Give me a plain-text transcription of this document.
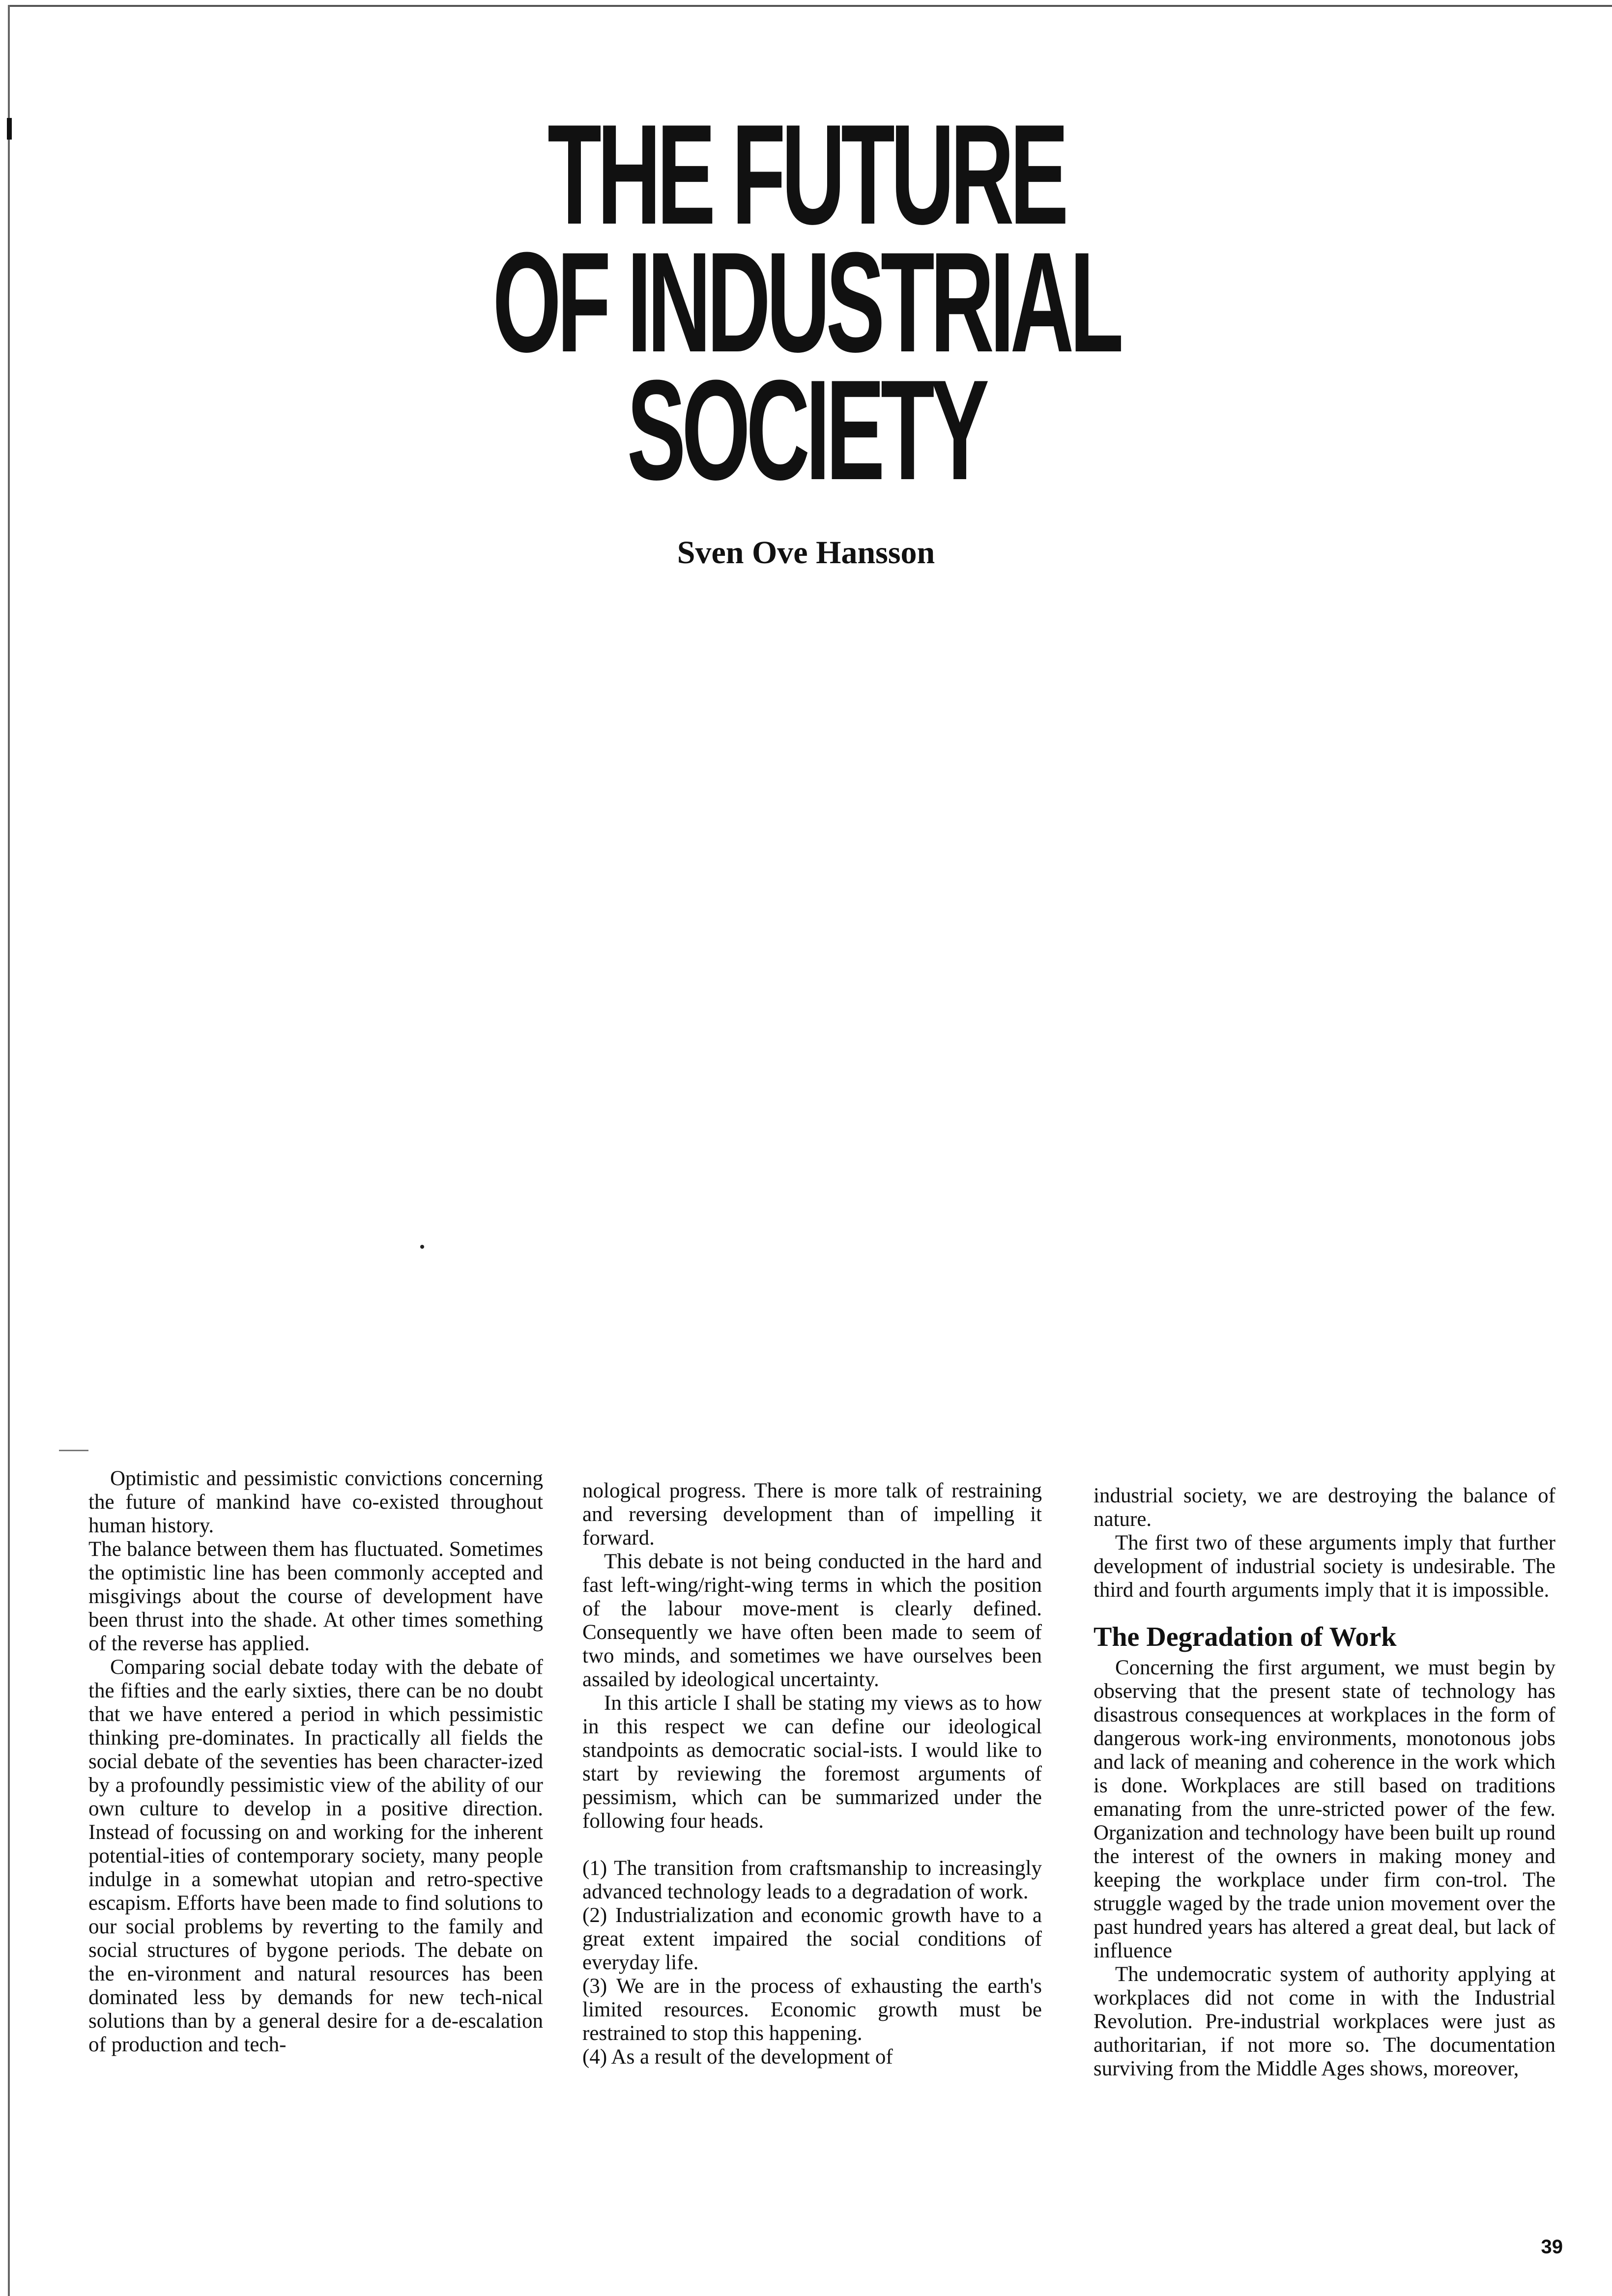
THE FUTURE
OF INDUSTRIAL
SOCIETY
Sven Ove Hansson

Optimistic and pessimistic convictions concerning the future of mankind have co-existed throughout human history.

The balance between them has fluctuated. Sometimes the optimistic line has been commonly accepted and misgivings about the course of development have been thrust into the shade. At other times something of the reverse has applied.

Comparing social debate today with the debate of the fifties and the early sixties, there can be no doubt that we have entered a period in which pessimistic thinking pre-dominates. In practically all fields the social debate of the seventies has been character-ized by a profoundly pessimistic view of the ability of our own culture to develop in a positive direction. Instead of focussing on and working for the inherent potential-ities of contemporary society, many people indulge in a somewhat utopian and retro-spective escapism. Efforts have been made to find solutions to our social problems by reverting to the family and social structures of bygone periods. The debate on the en-vironment and natural resources has been dominated less by demands for new tech-nical solutions than by a general desire for a de-escalation of production and tech-

nological progress. There is more talk of restraining and reversing development than of impelling it forward.

This debate is not being conducted in the hard and fast left-wing/right-wing terms in which the position of the labour move-ment is clearly defined. Consequently we have often been made to seem of two minds, and sometimes we have ourselves been assailed by ideological uncertainty.

In this article I shall be stating my views as to how in this respect we can define our ideological standpoints as democratic social-ists. I would like to start by reviewing the foremost arguments of pessimism, which can be summarized under the following four heads.

(1) The transition from craftsmanship to increasingly advanced technology leads to a degradation of work.

(2) Industrialization and economic growth have to a great extent impaired the social conditions of everyday life.

(3) We are in the process of exhausting the earth's limited resources. Economic growth must be restrained to stop this happening.

(4) As a result of the development of

industrial society, we are destroying the balance of nature.

The first two of these arguments imply that further development of industrial society is undesirable. The third and fourth arguments imply that it is impossible.

The Degradation of Work

Concerning the first argument, we must begin by observing that the present state of technology has disastrous consequences at workplaces in the form of dangerous work-ing environments, monotonous jobs and lack of meaning and coherence in the work which is done. Workplaces are still based on traditions emanating from the unre-stricted power of the few. Organization and technology have been built up round the interest of the owners in making money and keeping the workplace under firm con-trol. The struggle waged by the trade union movement over the past hundred years has altered a great deal, but lack of influence

The undemocratic system of authority applying at workplaces did not come in with the Industrial Revolution. Pre-industrial workplaces were just as authoritarian, if not more so. The documentation surviving from the Middle Ages shows, moreover,

39
